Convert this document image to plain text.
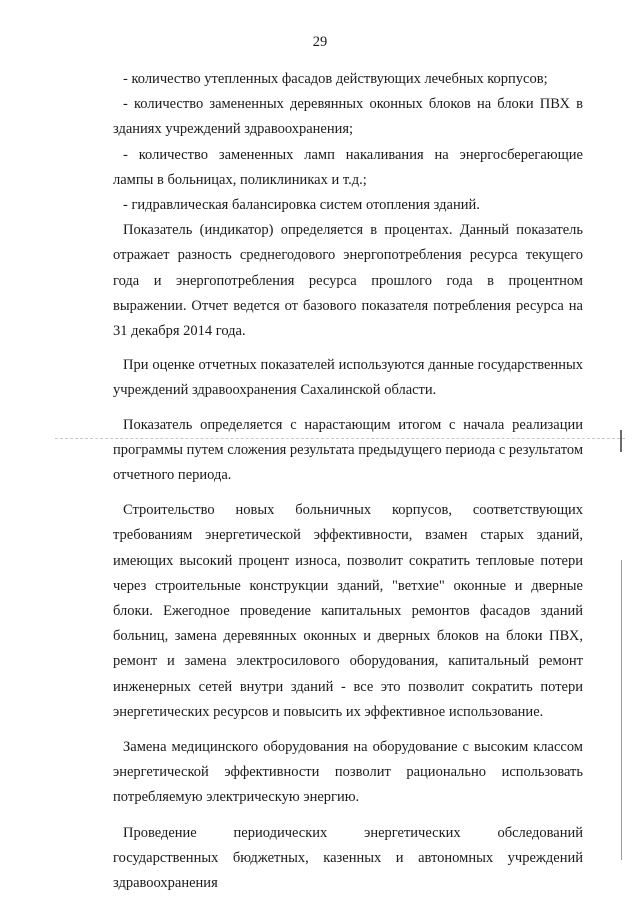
29

- количество утепленных фасадов действующих лечебных корпусов;

- количество замененных деревянных оконных блоков на блоки ПВХ в зданиях учреждений здравоохранения;

- количество замененных ламп накаливания на энергосберегающие лампы в больницах, поликлиниках и т.д.;

- гидравлическая балансировка систем отопления зданий.

Показатель (индикатор) определяется в процентах. Данный показатель отражает разность среднегодового энергопотребления ресурса текущего года и энергопотребления ресурса прошлого года в процентном выражении. Отчет ведется от базового показателя потребления ресурса на 31 декабря 2014 года.

При оценке отчетных показателей используются данные государственных учреждений здравоохранения Сахалинской области.

Показатель определяется с нарастающим итогом с начала реализации программы путем сложения результата предыдущего периода с результатом отчетного периода.

Строительство новых больничных корпусов, соответствующих требованиям энергетической эффективности, взамен старых зданий, имеющих высокий процент износа, позволит сократить тепловые потери через строительные конструкции зданий, "ветхие" оконные и дверные блоки. Ежегодное проведение капитальных ремонтов фасадов зданий больниц, замена деревянных оконных и дверных блоков на блоки ПВХ, ремонт и замена электросилового оборудования, капитальный ремонт инженерных сетей внутри зданий - все это позволит сократить потери энергетических ресурсов и повысить их эффективное использование.

Замена медицинского оборудования на оборудование с высоким классом энергетической эффективности позволит рационально использовать потребляемую электрическую энергию.

Проведение периодических энергетических обследований государственных бюджетных, казенных и автономных учреждений здравоохранения
